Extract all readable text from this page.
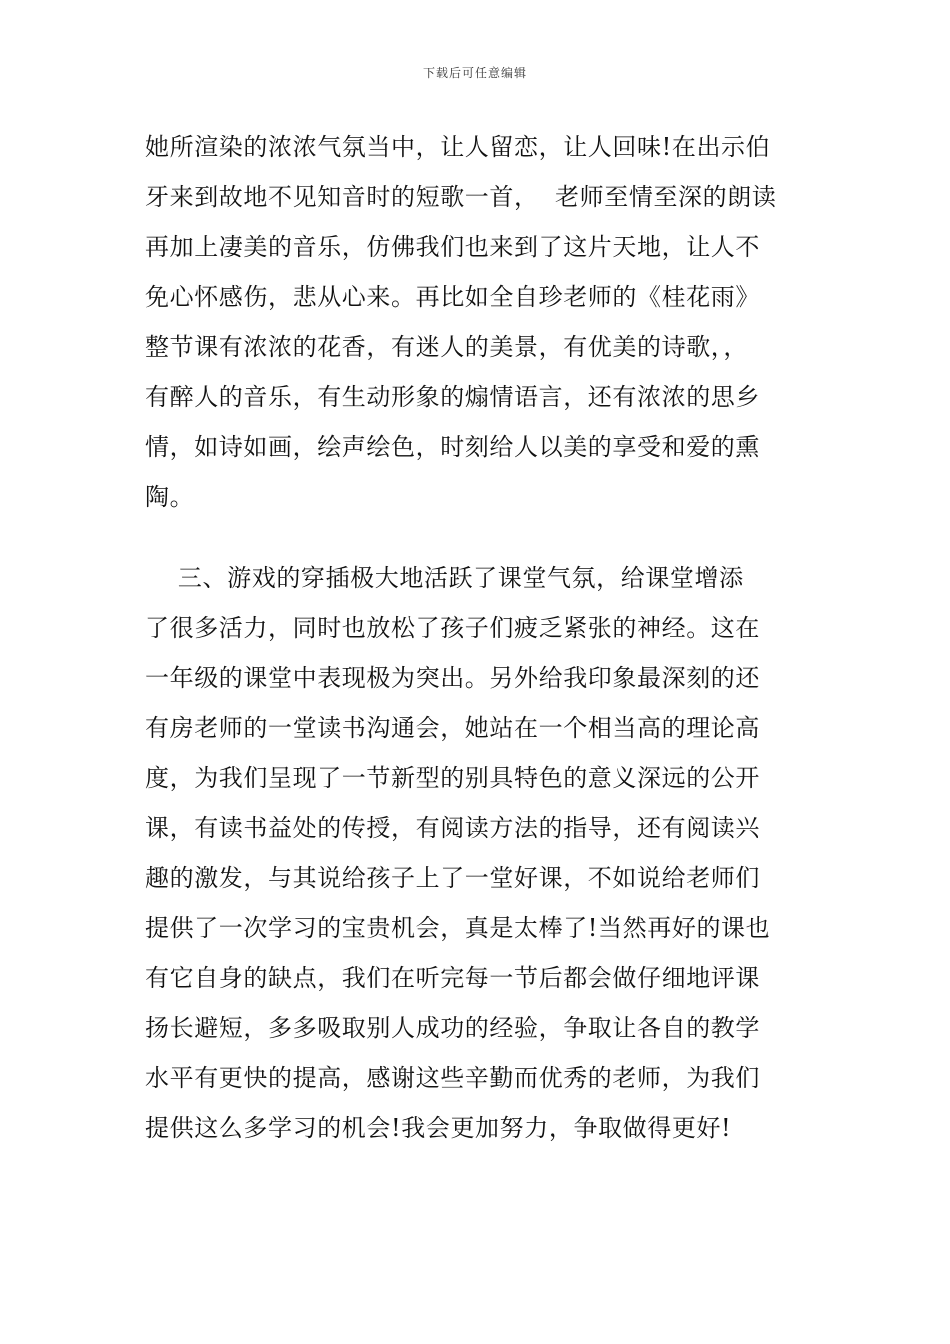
下载后可任意编辑
她所渲染的浓浓气氛当中，让人留恋，让人回味!在出示伯
牙来到故地不见知音时的短歌一首，  老师至情至深的朗读
再加上凄美的音乐，仿佛我们也来到了这片天地，让人不
免心怀感伤，悲从心来。再比如全自珍老师的《桂花雨》
整节课有浓浓的花香，有迷人的美景，有优美的诗歌，，
有醉人的音乐，有生动形象的煽情语言，还有浓浓的思乡
情，如诗如画，绘声绘色，时刻给人以美的享受和爱的熏
陶。
三、游戏的穿插极大地活跃了课堂气氛，给课堂增添
了很多活力，同时也放松了孩子们疲乏紧张的神经。这在
一年级的课堂中表现极为突出。另外给我印象最深刻的还
有房老师的一堂读书沟通会，她站在一个相当高的理论高
度，为我们呈现了一节新型的别具特色的意义深远的公开
课，有读书益处的传授，有阅读方法的指导，还有阅读兴
趣的激发，与其说给孩子上了一堂好课，不如说给老师们
提供了一次学习的宝贵机会，真是太棒了!当然再好的课也
有它自身的缺点，我们在听完每一节后都会做仔细地评课
扬长避短，多多吸取别人成功的经验，争取让各自的教学
水平有更快的提高，感谢这些辛勤而优秀的老师，为我们
提供这么多学习的机会!我会更加努力，争取做得更好!
